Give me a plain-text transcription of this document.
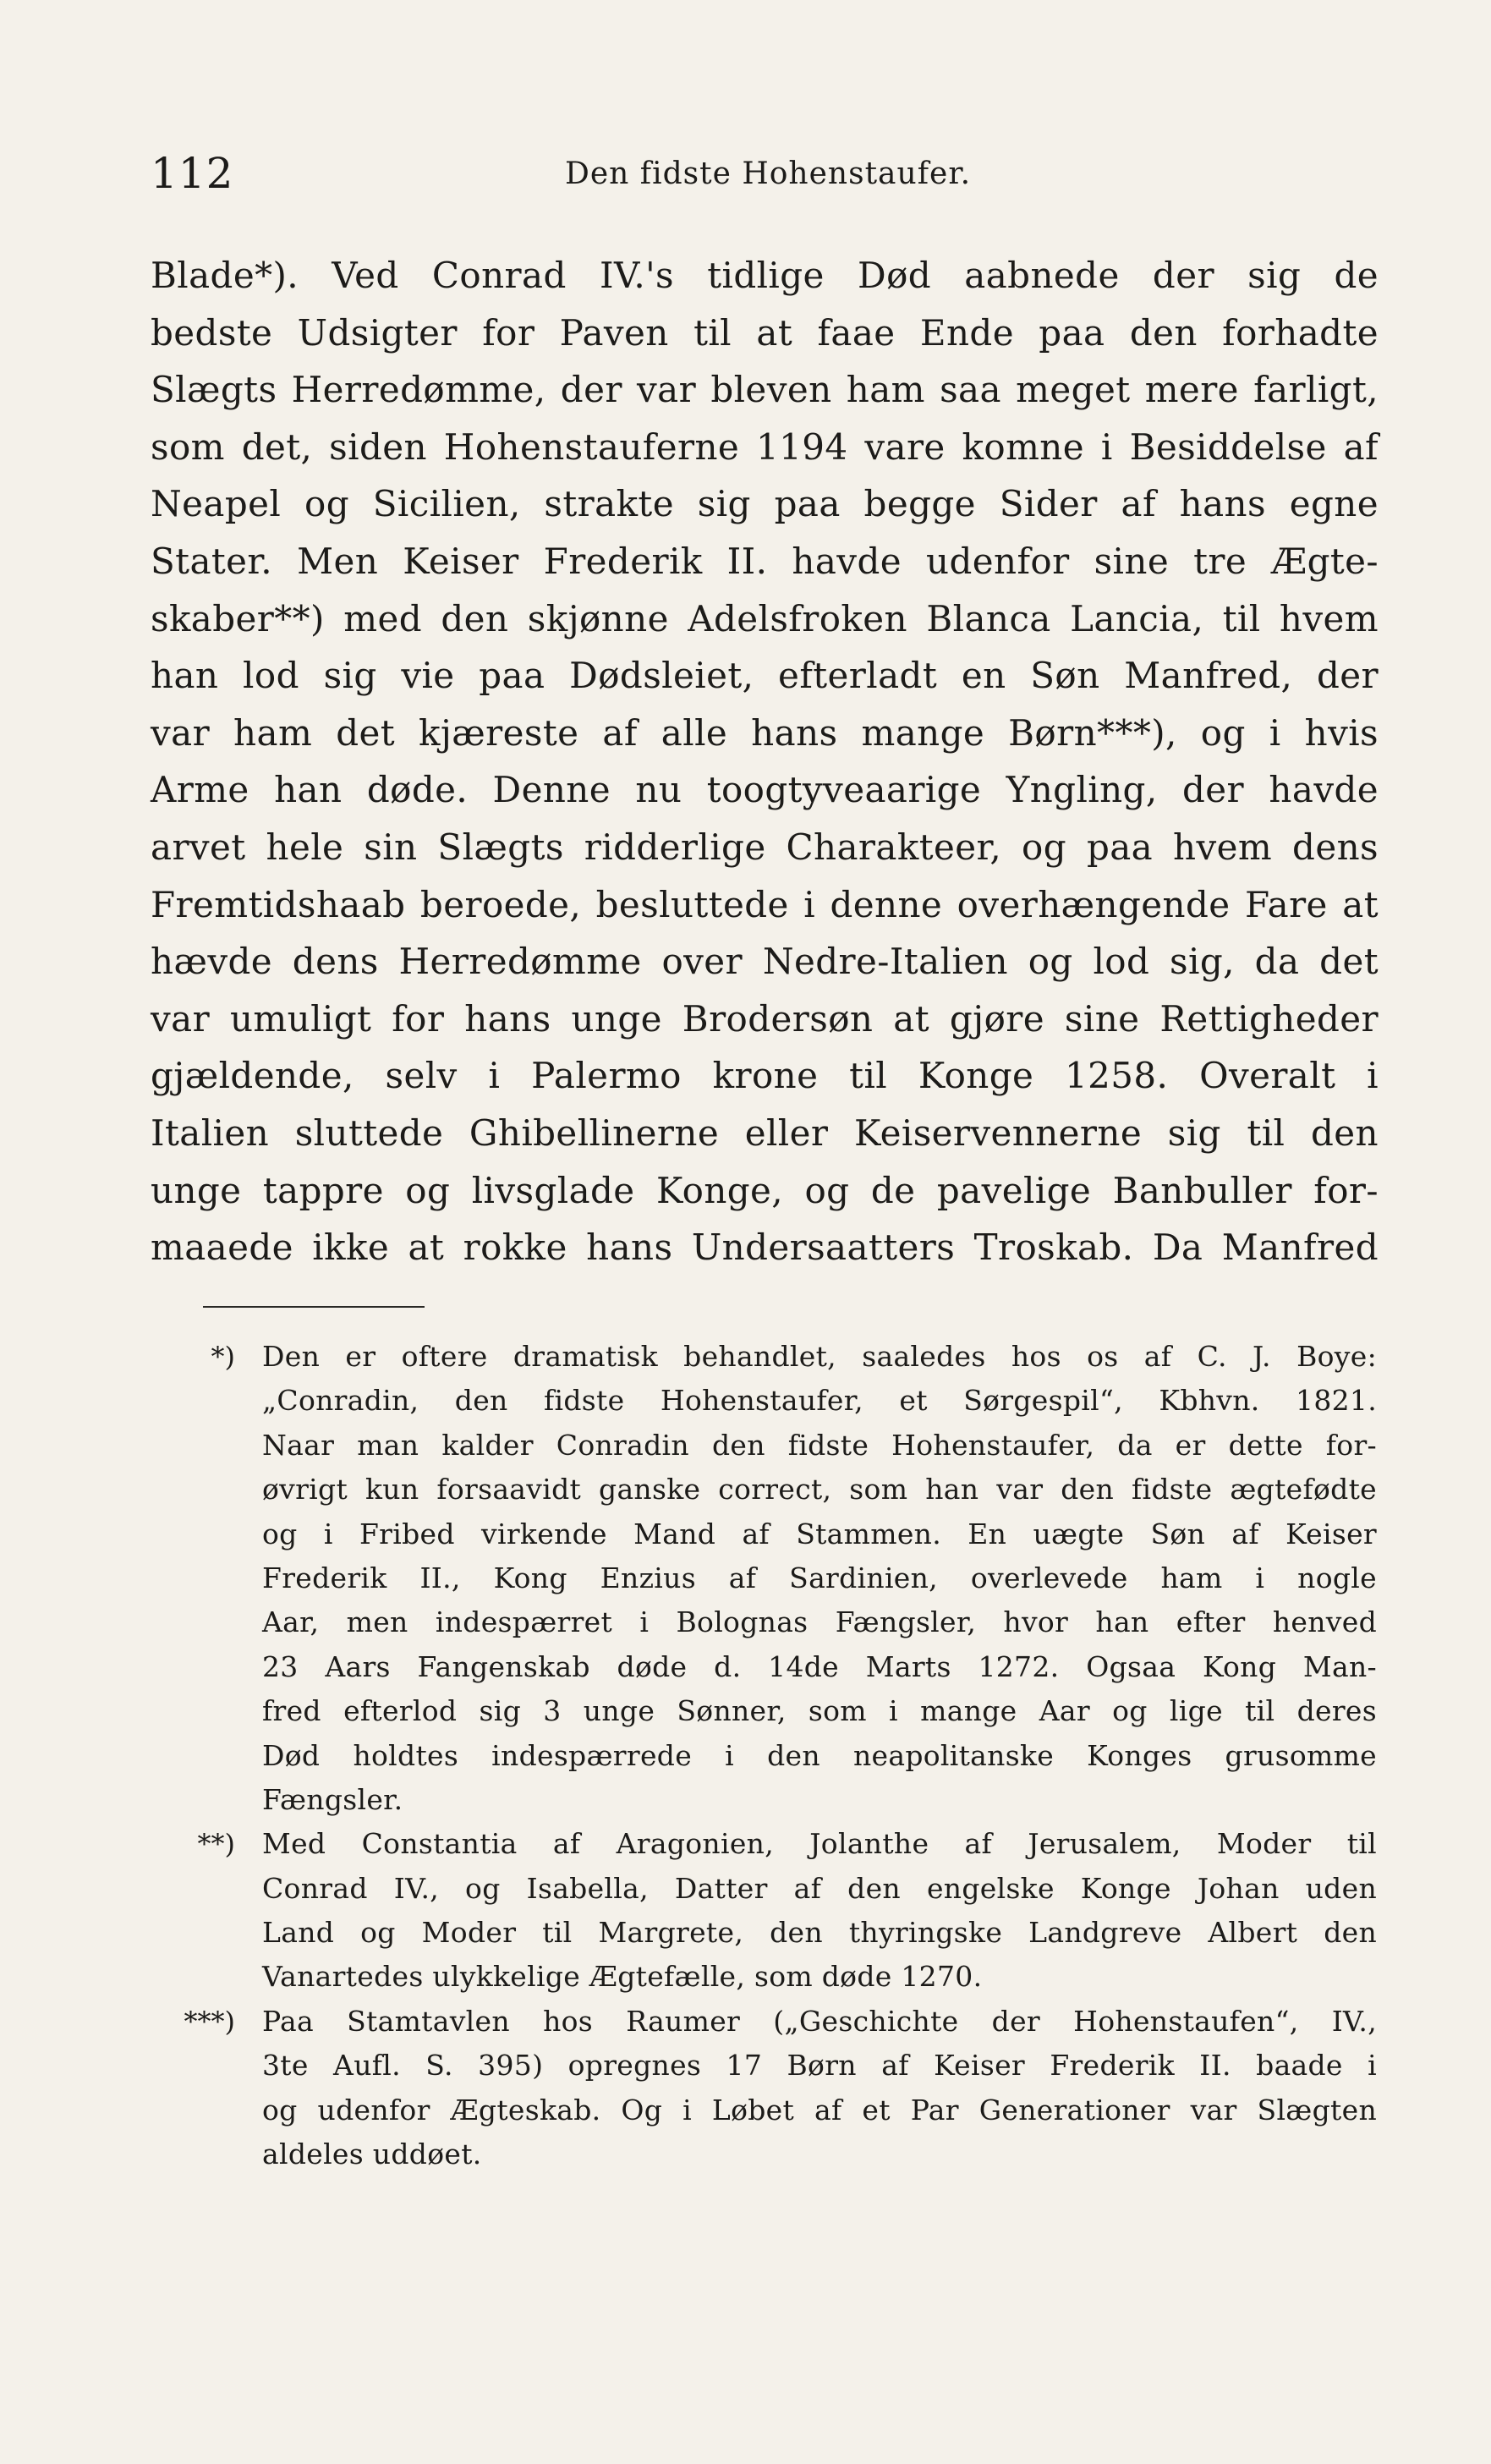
112	Den fidste Hohenstaufer.
Blade*). Ved Conrad IV.'s tidlige Død aabnede der sig de
bedste Udsigter for Paven til at faae Ende paa den forhadte
Slægts Herredømme, der var bleven ham saa meget mere farligt,
som det, siden Hohenstauferne 1194 vare komne i Besiddelse af
Neapel og Sicilien, strakte sig paa begge Sider af hans egne
Stater. Men Keiser Frederik II. havde udenfor sine tre Ægte-
skaber**) med den skjønne Adelsfroken Blanca Lancia, til hvem
han lod sig vie paa Dødsleiet, efterladt en Søn Manfred, der
var ham det kjæreste af alle hans mange Børn***), og i hvis
Arme han døde. Denne nu toogtyveaarige Yngling, der havde
arvet hele sin Slægts ridderlige Charakteer, og paa hvem dens
Fremtidshaab beroede, besluttede i denne overhængende Fare at
hævde dens Herredømme over Nedre-Italien og lod sig, da det
var umuligt for hans unge Brodersøn at gjøre sine Rettigheder
gjældende, selv i Palermo krone til Konge 1258. Overalt i
Italien sluttede Ghibellinerne eller Keiservennerne sig til den
unge tappre og livsglade Konge, og de pavelige Banbuller for-
maaede ikke at rokke hans Undersaatters Troskab. Da Manfred
*) Den er oftere dramatisk behandlet, saaledes hos os af C. J. Boye:
„Conradin, den fidste Hohenstaufer, et Sørgespil“, Kbhvn. 1821.
Naar man kalder Conradin den fidste Hohenstaufer, da er dette for-
øvrigt kun forsaavidt ganske correct, som han var den fidste ægtefødte
og i Fribed virkende Mand af Stammen. En uægte Søn af Keiser
Frederik II., Kong Enzius af Sardinien, overlevede ham i nogle
Aar, men indespærret i Bolognas Fængsler, hvor han efter henved
23 Aars Fangenskab døde d. 14de Marts 1272. Ogsaa Kong Man-
fred efterlod sig 3 unge Sønner, som i mange Aar og lige til deres
Død holdtes indespærrede i den neapolitanske Konges grusomme
Fængsler.
**) Med Constantia af Aragonien, Jolanthe af Jerusalem, Moder til
Conrad IV., og Isabella, Datter af den engelske Konge Johan uden
Land og Moder til Margrete, den thyringske Landgreve Albert den
Vanartedes ulykkelige Ægtefælle, som døde 1270.
***) Paa Stamtavlen hos Raumer („Geschichte der Hohenstaufen“, IV.,
3te Aufl. S. 395) opregnes 17 Børn af Keiser Frederik II. baade i
og udenfor Ægteskab. Og i Løbet af et Par Generationer var Slægten
aldeles uddøet.
